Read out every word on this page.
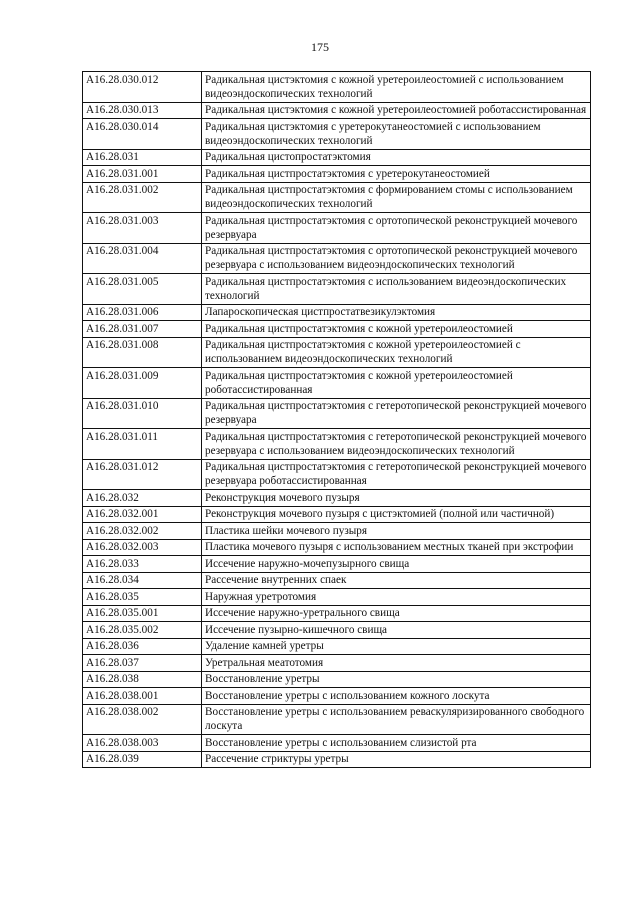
175
A16.28.030.012	Радикальная цистэктомия с кожной уретероилеостомией с использованием видеоэндоскопических технологий
A16.28.030.013	Радикальная цистэктомия с кожной уретероилеостомией роботассистированная
A16.28.030.014	Радикальная цистэктомия с уретерокутанеостомией с использованием видеоэндоскопических технологий
A16.28.031	Радикальная цистопростатэктомия
A16.28.031.001	Радикальная цистпростатэктомия с уретерокутанеостомией
A16.28.031.002	Радикальная цистпростатэктомия с формированием стомы с использованием видеоэндоскопических технологий
A16.28.031.003	Радикальная цистпростатэктомия с ортотопической реконструкцией мочевого резервуара
A16.28.031.004	Радикальная цистпростатэктомия с ортотопической реконструкцией мочевого резервуара с использованием видеоэндоскопических технологий
A16.28.031.005	Радикальная цистпростатэктомия с использованием видеоэндоскопических технологий
A16.28.031.006	Лапароскопическая цистпростатвезикулэктомия
A16.28.031.007	Радикальная цистпростатэктомия с кожной уретероилеостомией
A16.28.031.008	Радикальная цистпростатэктомия с кожной уретероилеостомией с использованием видеоэндоскопических технологий
A16.28.031.009	Радикальная цистпростатэктомия с кожной уретероилеостомией роботассистированная
A16.28.031.010	Радикальная цистпростатэктомия с гетеротопической реконструкцией мочевого резервуара
A16.28.031.011	Радикальная цистпростатэктомия с гетеротопической реконструкцией мочевого резервуара с использованием видеоэндоскопических технологий
A16.28.031.012	Радикальная цистпростатэктомия с гетеротопической реконструкцией мочевого резервуара роботассистированная
A16.28.032	Реконструкция мочевого пузыря
A16.28.032.001	Реконструкция мочевого пузыря с цистэктомией (полной или частичной)
A16.28.032.002	Пластика шейки мочевого пузыря
A16.28.032.003	Пластика мочевого пузыря с использованием местных тканей при экстрофии
A16.28.033	Иссечение наружно-мочепузырного свища
A16.28.034	Рассечение внутренних спаек
A16.28.035	Наружная уретротомия
A16.28.035.001	Иссечение наружно-уретрального свища
A16.28.035.002	Иссечение пузырно-кишечного свища
A16.28.036	Удаление камней уретры
A16.28.037	Уретральная меатотомия
A16.28.038	Восстановление уретры
A16.28.038.001	Восстановление уретры с использованием кожного лоскута
A16.28.038.002	Восстановление уретры с использованием реваскуляризированного свободного лоскута
A16.28.038.003	Восстановление уретры с использованием слизистой рта
A16.28.039	Рассечение стриктуры уретры
